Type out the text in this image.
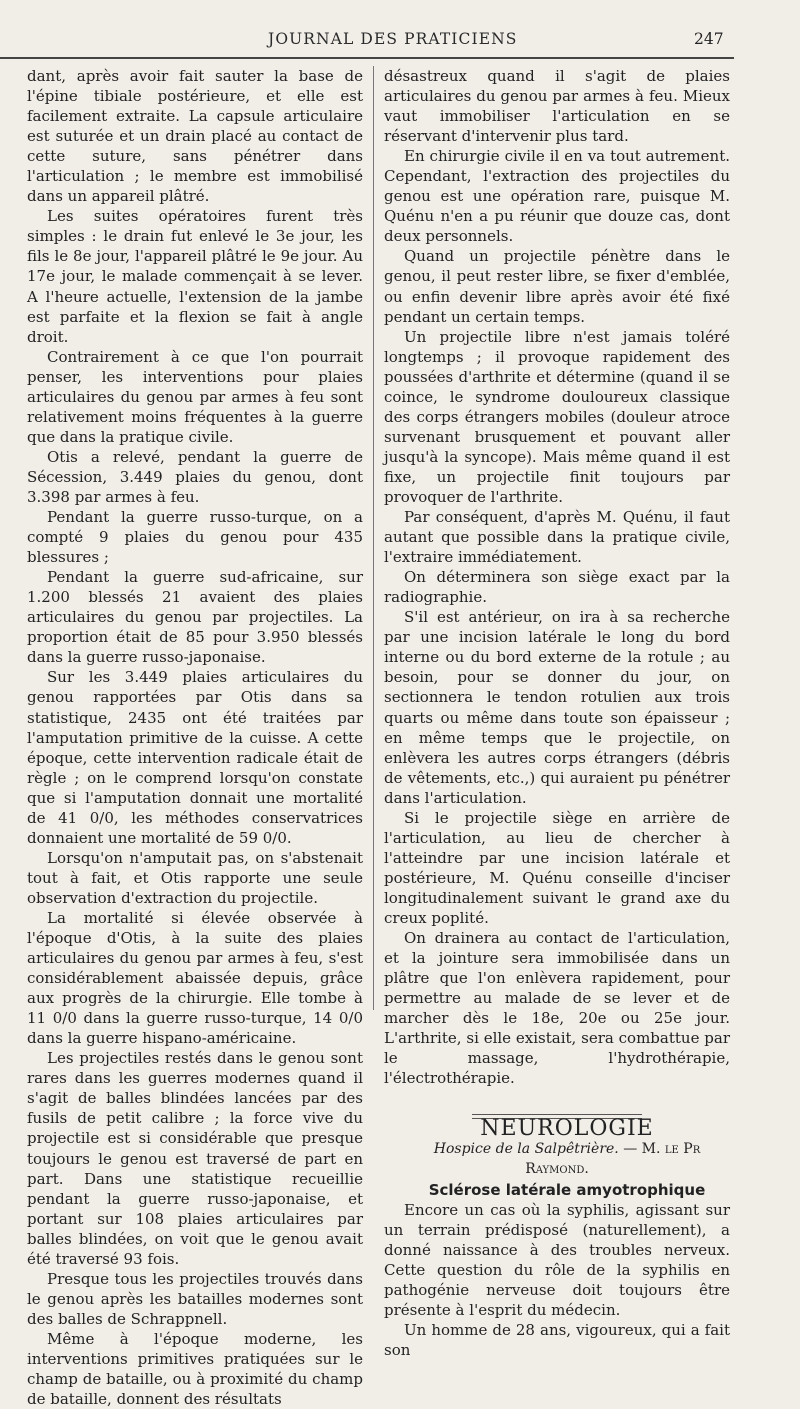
JOURNAL DES PRATICIENS	247

dant, après avoir fait sauter la base de l'épine tibiale postérieure, et elle est facilement extraite. La capsule articulaire est suturée et un drain placé au contact de cette suture, sans pénétrer dans l'articulation ; le membre est immobilisé dans un appareil plâtré.

Les suites opératoires furent très simples : le drain fut enlevé le 3e jour, les fils le 8e jour, l'appareil plâtré le 9e jour. Au 17e jour, le malade commençait à se lever. A l'heure actuelle, l'extension de la jambe est parfaite et la flexion se fait à angle droit.

Contrairement à ce que l'on pourrait penser, les interventions pour plaies articulaires du genou par armes à feu sont relativement moins fréquentes à la guerre que dans la pratique civile.

Otis a relevé, pendant la guerre de Sécession, 3.449 plaies du genou, dont 3.398 par armes à feu.

Pendant la guerre russo-turque, on a compté 9 plaies du genou pour 435 blessures ;

Pendant la guerre sud-africaine, sur 1.200 blessés 21 avaient des plaies articulaires du genou par projectiles. La proportion était de 85 pour 3.950 blessés dans la guerre russo-japonaise.

Sur les 3.449 plaies articulaires du genou rapportées par Otis dans sa statistique, 2435 ont été traitées par l'amputation primitive de la cuisse. A cette époque, cette intervention radicale était de règle ; on le comprend lorsqu'on constate que si l'amputation donnait une mortalité de 41 0/0, les méthodes conservatrices donnaient une mortalité de 59 0/0.

Lorsqu'on n'amputait pas, on s'abstenait tout à fait, et Otis rapporte une seule observation d'extraction du projectile.

La mortalité si élevée observée à l'époque d'Otis, à la suite des plaies articulaires du genou par armes à feu, s'est considérablement abaissée depuis, grâce aux progrès de la chirurgie. Elle tombe à 11 0/0 dans la guerre russo-turque, 14 0/0 dans la guerre hispano-américaine.

Les projectiles restés dans le genou sont rares dans les guerres modernes quand il s'agit de balles blindées lancées par des fusils de petit calibre ; la force vive du projectile est si considérable que presque toujours le genou est traversé de part en part. Dans une statistique recueillie pendant la guerre russo-japonaise, et portant sur 108 plaies articulaires par balles blindées, on voit que le genou avait été traversé 93 fois.

Presque tous les projectiles trouvés dans le genou après les batailles modernes sont des balles de Schrappnell.

Même à l'époque moderne, les interventions primitives pratiquées sur le champ de bataille, ou à proximité du champ de bataille, donnent des résultats

désastreux quand il s'agit de plaies articulaires du genou par armes à feu. Mieux vaut immobiliser l'articulation en se réservant d'intervenir plus tard.

En chirurgie civile il en va tout autrement. Cependant, l'extraction des projectiles du genou est une opération rare, puisque M. Quénu n'en a pu réunir que douze cas, dont deux personnels.

Quand un projectile pénètre dans le genou, il peut rester libre, se fixer d'emblée, ou enfin devenir libre après avoir été fixé pendant un certain temps.

Un projectile libre n'est jamais toléré longtemps ; il provoque rapidement des poussées d'arthrite et détermine (quand il se coince, le syndrome douloureux classique des corps étrangers mobiles (douleur atroce survenant brusquement et pouvant aller jusqu'à la syncope). Mais même quand il est fixe, un projectile finit toujours par provoquer de l'arthrite.

Par conséquent, d'après M. Quénu, il faut autant que possible dans la pratique civile, l'extraire immédiatement.

On déterminera son siège exact par la radiographie.

S'il est antérieur, on ira à sa recherche par une incision latérale le long du bord interne ou du bord externe de la rotule ; au besoin, pour se donner du jour, on sectionnera le tendon rotulien aux trois quarts ou même dans toute son épaisseur ; en même temps que le projectile, on enlèvera les autres corps étrangers (débris de vêtements, etc.,) qui auraient pu pénétrer dans l'articulation.

Si le projectile siège en arrière de l'articulation, au lieu de chercher à l'atteindre par une incision latérale et postérieure, M. Quénu conseille d'inciser longitudinalement suivant le grand axe du creux poplité.

On drainera au contact de l'articulation, et la jointure sera immobilisée dans un plâtre que l'on enlèvera rapidement, pour permettre au malade de se lever et de marcher dès le 18e, 20e ou 25e jour. L'arthrite, si elle existait, sera combattue par le massage, l'hydrothérapie, l'électrothérapie.

NEUROLOGIE

Hospice de la Salpêtrière. — M. le Pr Raymond.

Sclérose latérale amyotrophique

Encore un cas où la syphilis, agissant sur un terrain prédisposé (naturellement), a donné naissance à des troubles nerveux. Cette question du rôle de la syphilis en pathogénie nerveuse doit toujours être présente à l'esprit du médecin.

Un homme de 28 ans, vigoureux, qui a fait son
